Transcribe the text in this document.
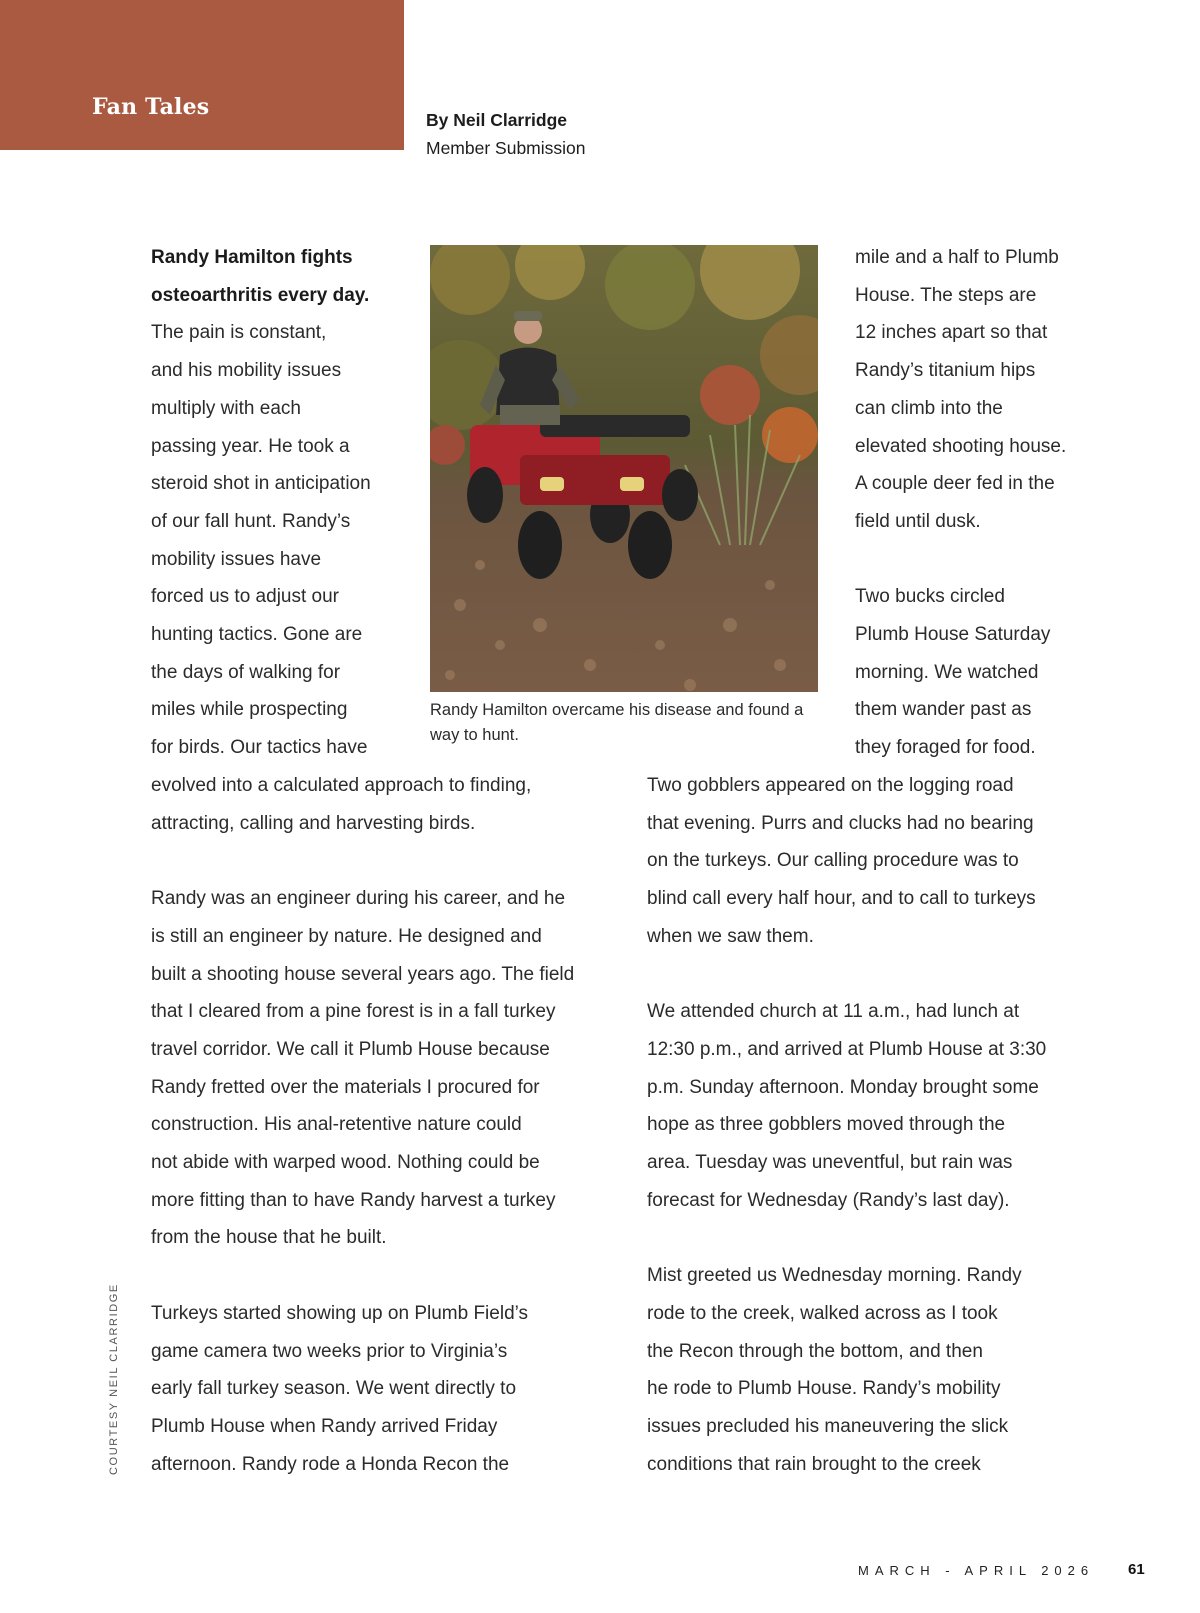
Fan Tales	By Neil Clarridge
Member Submission
Randy Hamilton fights
osteoarthritis every day.
The pain is constant,
and his mobility issues
multiply with each
passing year. He took a
steroid shot in anticipation
of our fall hunt. Randy’s
mobility issues have
forced us to adjust our
hunting tactics. Gone are
the days of walking for
miles while prospecting
for birds. Our tactics have
evolved into a calculated approach to finding,
attracting, calling and harvesting birds.
Randy was an engineer during his career, and he
is still an engineer by nature. He designed and
built a shooting house several years ago. The field
that I cleared from a pine forest is in a fall turkey
travel corridor. We call it Plumb House because
Randy fretted over the materials I procured for
construction. His anal-retentive nature could
not abide with warped wood. Nothing could be
more fitting than to have Randy harvest a turkey
from the house that he built.
Turkeys started showing up on Plumb Field’s
game camera two weeks prior to Virginia’s
early fall turkey season. We went directly to
Plumb House when Randy arrived Friday
afternoon. Randy rode a Honda Recon the
mile and a half to Plumb
House. The steps are
12 inches apart so that
Randy’s titanium hips
can climb into the
elevated shooting house.
A couple deer fed in the
field until dusk.
Two bucks circled
Plumb House Saturday
morning. We watched
them wander past as
they foraged for food.
Two gobblers appeared on the logging road
that evening. Purrs and clucks had no bearing
on the turkeys. Our calling procedure was to
blind call every half hour, and to call to turkeys
when we saw them.
We attended church at 11 a.m., had lunch at
12:30 p.m., and arrived at Plumb House at 3:30
p.m. Sunday afternoon. Monday brought some
hope as three gobblers moved through the
area. Tuesday was uneventful, but rain was
forecast for Wednesday (Randy’s last day).
Mist greeted us Wednesday morning. Randy
rode to the creek, walked across as I took
the Recon through the bottom, and then
he rode to Plumb House. Randy’s mobility
issues precluded his maneuvering the slick
conditions that rain brought to the creek
Randy Hamilton overcame his disease and found a way to hunt.
COURTESY NEIL CLARRIDGE
MARCH - APRIL 2026 61
